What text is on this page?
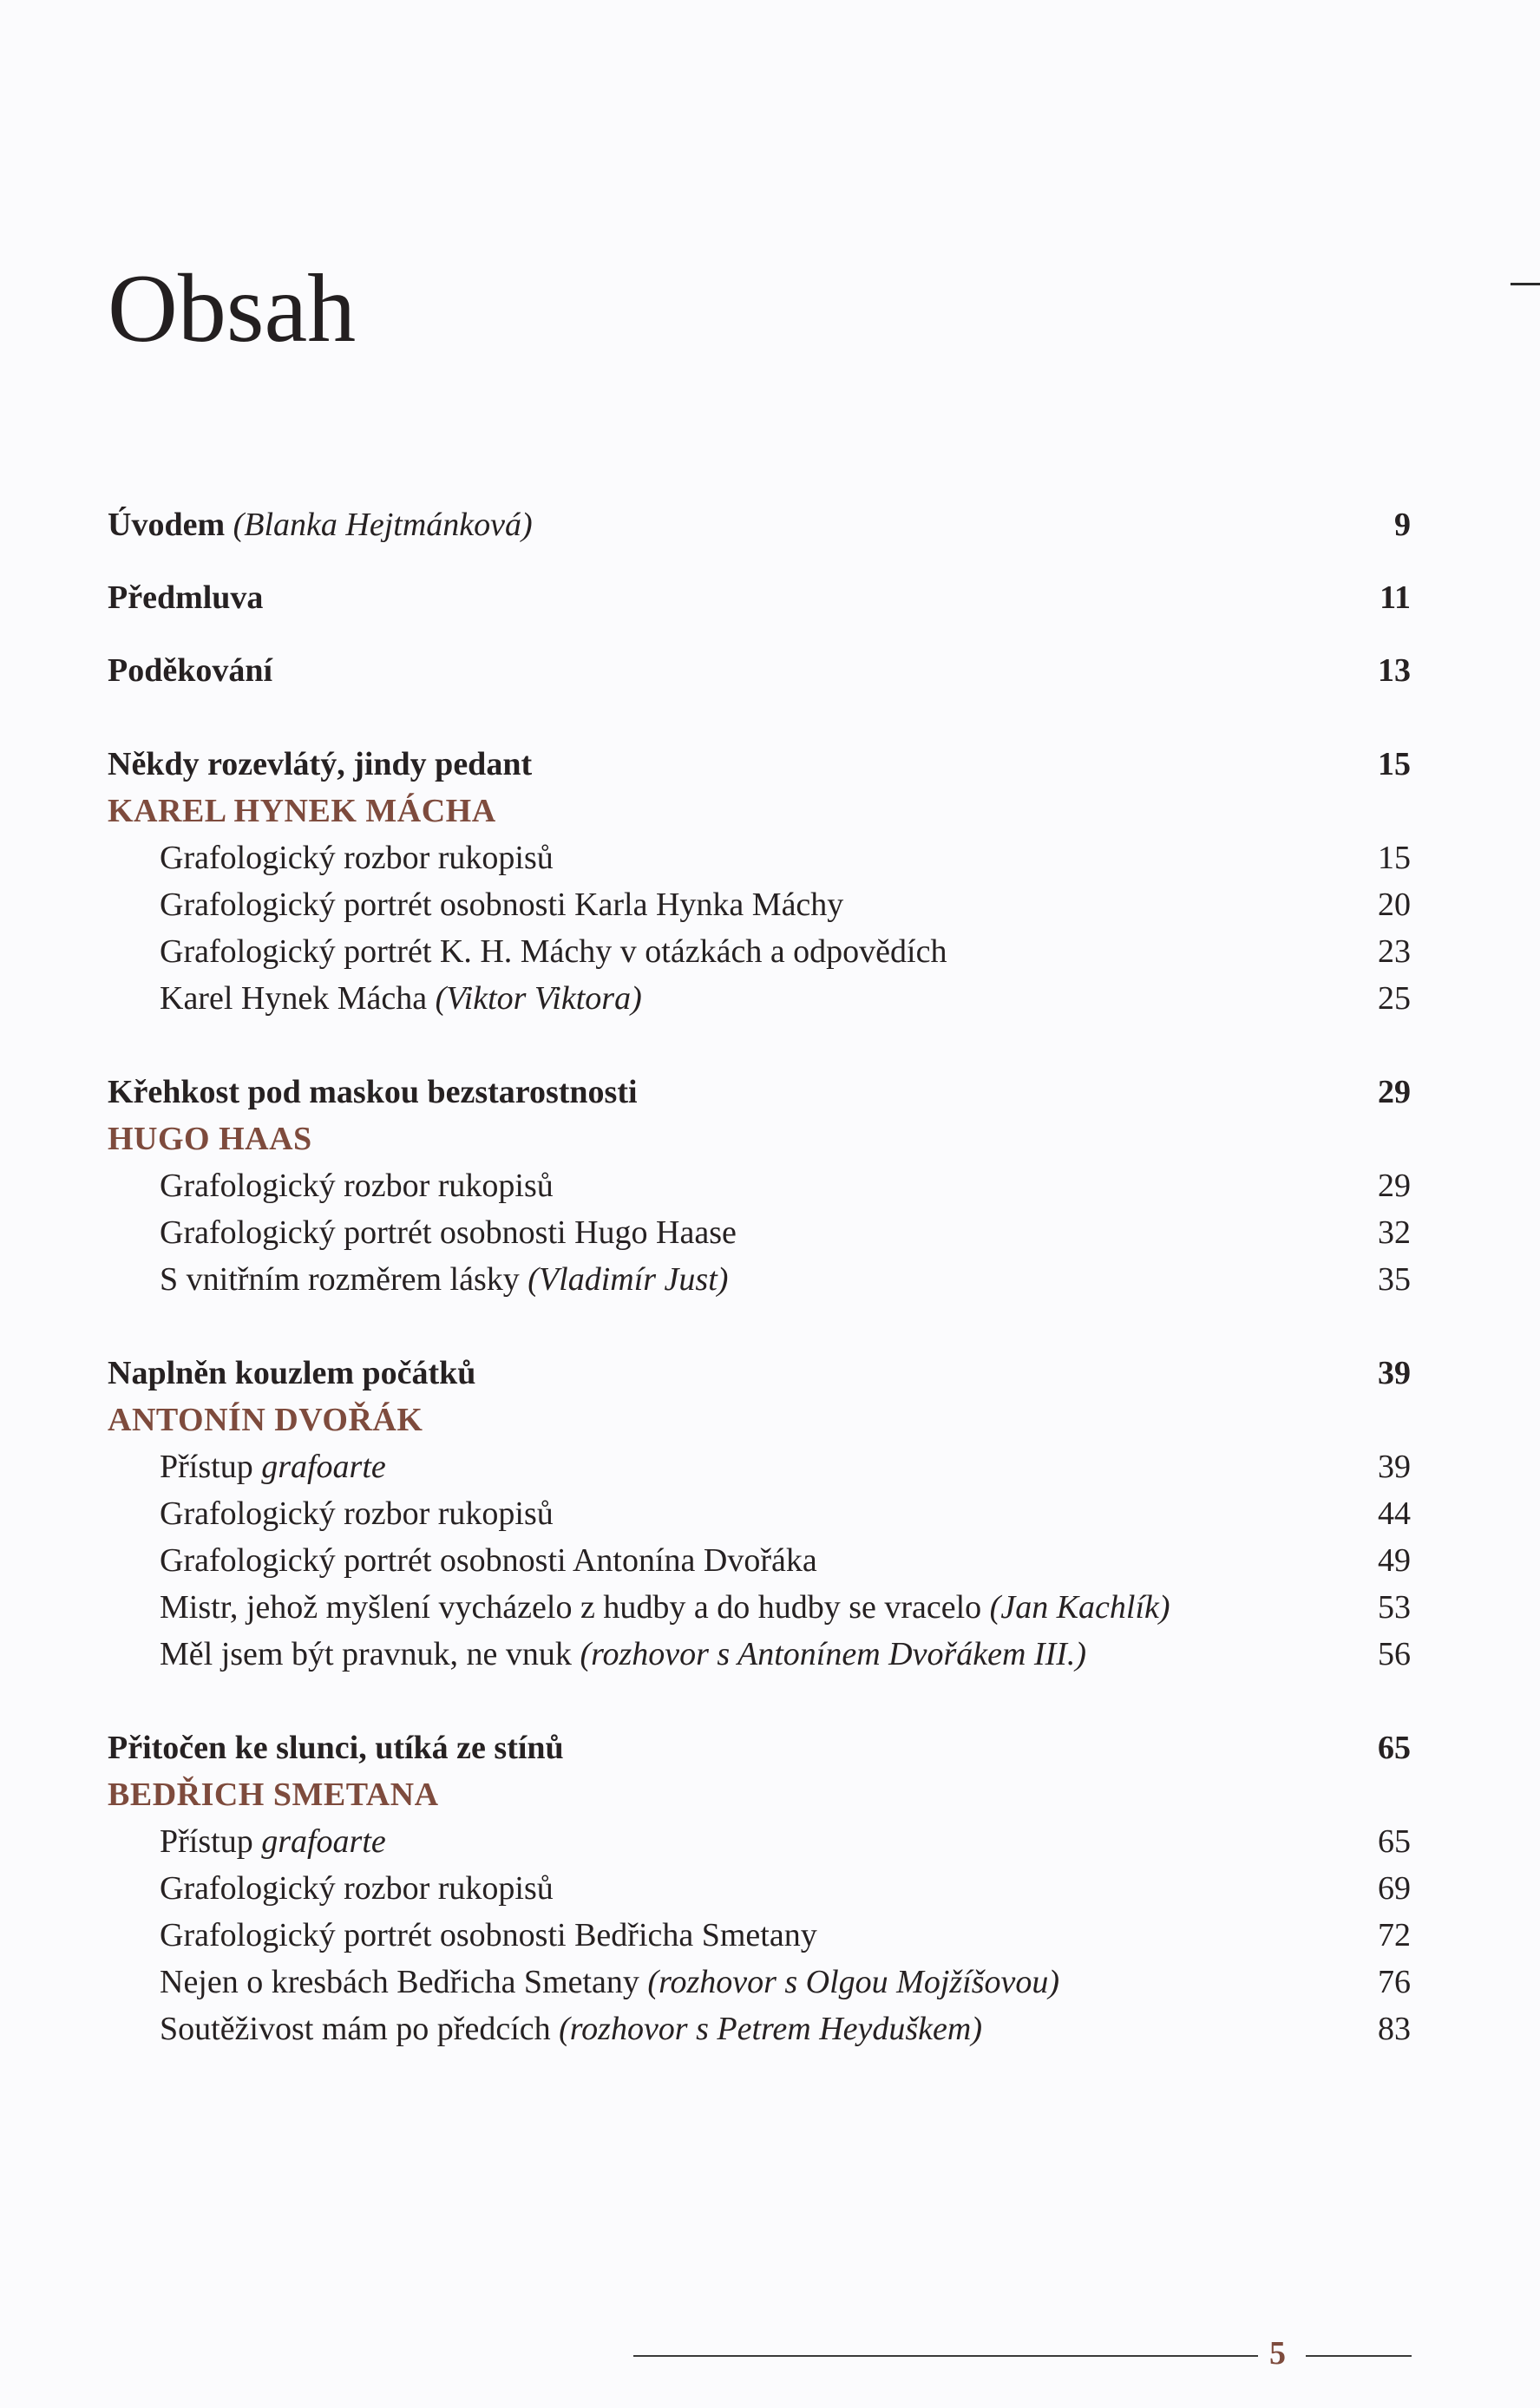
Obsah
Úvodem (Blanka Hejtmánková)	9
Předmluva	11
Poděkování	13
Někdy rozevlátý, jindy pedant	15
KAREL HYNEK MÁCHA
Grafologický rozbor rukopisů	15
Grafologický portrét osobnosti Karla Hynka Máchy	20
Grafologický portrét K. H. Máchy v otázkách a odpovědích	23
Karel Hynek Mácha (Viktor Viktora)	25
Křehkost pod maskou bezstarostnosti	29
HUGO HAAS
Grafologický rozbor rukopisů	29
Grafologický portrét osobnosti Hugo Haase	32
S vnitřním rozměrem lásky (Vladimír Just)	35
Naplněn kouzlem počátků	39
ANTONÍN DVOŘÁK
Přístup grafoarte	39
Grafologický rozbor rukopisů	44
Grafologický portrét osobnosti Antonína Dvořáka	49
Mistr, jehož myšlení vycházelo z hudby a do hudby se vracelo (Jan Kachlík)	53
Měl jsem být pravnuk, ne vnuk (rozhovor s Antonínem Dvořákem III.)	56
Přitočen ke slunci, utíká ze stínů	65
BEDŘICH SMETANA
Přístup grafoarte	65
Grafologický rozbor rukopisů	69
Grafologický portrét osobnosti Bedřicha Smetany	72
Nejen o kresbách Bedřicha Smetany (rozhovor s Olgou Mojžíšovou)	76
Soutěživost mám po předcích (rozhovor s Petrem Heyduškem)	83
5
